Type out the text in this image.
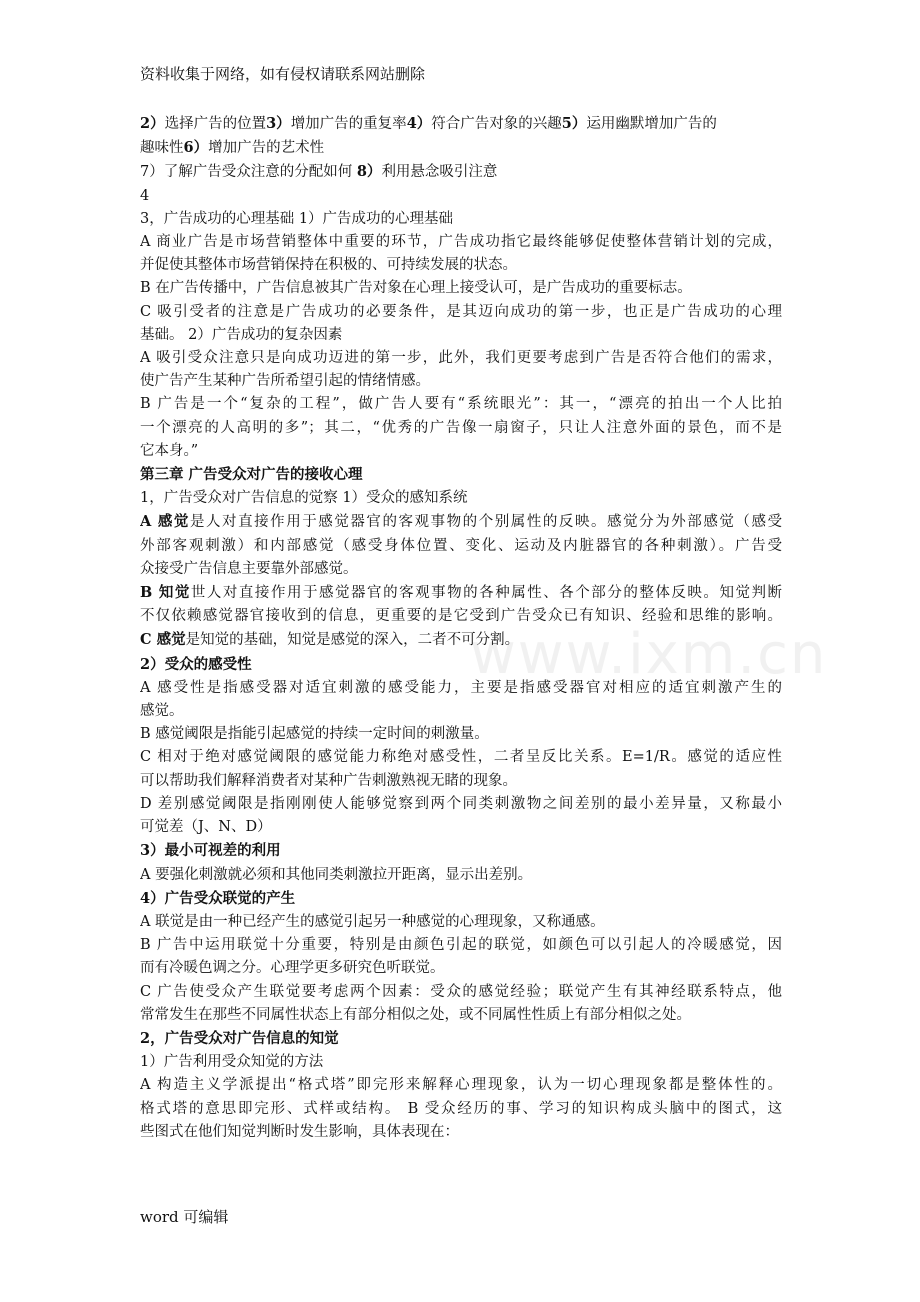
www.ixm.cn
资料收集于网络，如有侵权请联系网站删除
2）选择广告的位置3）增加广告的重复率4）符合广告对象的兴趣5）运用幽默增加广告的
趣味性6）增加广告的艺术性
7）了解广告受众注意的分配如何 8）利用悬念吸引注意
4
3，广告成功的心理基础 1）广告成功的心理基础
A 商业广告是市场营销整体中重要的环节，广告成功指它最终能够促使整体营销计划的完成，
并促使其整体市场营销保持在积极的、可持续发展的状态。
B 在广告传播中，广告信息被其广告对象在心理上接受认可，是广告成功的重要标志。
C 吸引受者的注意是广告成功的必要条件，是其迈向成功的第一步，也正是广告成功的心理
基础。 2）广告成功的复杂因素
A 吸引受众注意只是向成功迈进的第一步，此外，我们更要考虑到广告是否符合他们的需求，
使广告产生某种广告所希望引起的情绪情感。
B 广告是一个“复杂的工程”，做广告人要有“系统眼光”：其一，“漂亮的拍出一个人比拍
一个漂亮的人高明的多”；其二，“优秀的广告像一扇窗子，只让人注意外面的景色，而不是
它本身。”
第三章 广告受众对广告的接收心理
1，广告受众对广告信息的觉察 1）受众的感知系统
A 感觉是人对直接作用于感觉器官的客观事物的个别属性的反映。感觉分为外部感觉（感受
外部客观刺激）和内部感觉（感受身体位置、变化、运动及内脏器官的各种刺激）。广告受
众接受广告信息主要靠外部感觉。
B 知觉世人对直接作用于感觉器官的客观事物的各种属性、各个部分的整体反映。知觉判断
不仅依赖感觉器官接收到的信息，更重要的是它受到广告受众已有知识、经验和思维的影响。
C 感觉是知觉的基础，知觉是感觉的深入，二者不可分割。
2）受众的感受性
A 感受性是指感受器对适宜刺激的感受能力，主要是指感受器官对相应的适宜刺激产生的
感觉。
B 感觉阈限是指能引起感觉的持续一定时间的刺激量。
C 相对于绝对感觉阈限的感觉能力称绝对感受性，二者呈反比关系。E=1/R。感觉的适应性
可以帮助我们解释消费者对某种广告刺激熟视无睹的现象。
D 差别感觉阈限是指刚刚使人能够觉察到两个同类刺激物之间差别的最小差异量，又称最小
可觉差（J、N、D）
3）最小可视差的利用
A 要强化刺激就必须和其他同类刺激拉开距离，显示出差别。
4）广告受众联觉的产生
A 联觉是由一种已经产生的感觉引起另一种感觉的心理现象，又称通感。
B 广告中运用联觉十分重要，特别是由颜色引起的联觉，如颜色可以引起人的冷暖感觉，因
而有冷暖色调之分。心理学更多研究色听联觉。
C 广告使受众产生联觉要考虑两个因素：受众的感觉经验；联觉产生有其神经联系特点，他
常常发生在那些不同属性状态上有部分相似之处，或不同属性性质上有部分相似之处。
2，广告受众对广告信息的知觉
1）广告利用受众知觉的方法
A 构造主义学派提出“格式塔”即完形来解释心理现象，认为一切心理现象都是整体性的。
格式塔的意思即完形、式样或结构。 B 受众经历的事、学习的知识构成头脑中的图式，这
些图式在他们知觉判断时发生影响，具体表现在：
word 可编辑
